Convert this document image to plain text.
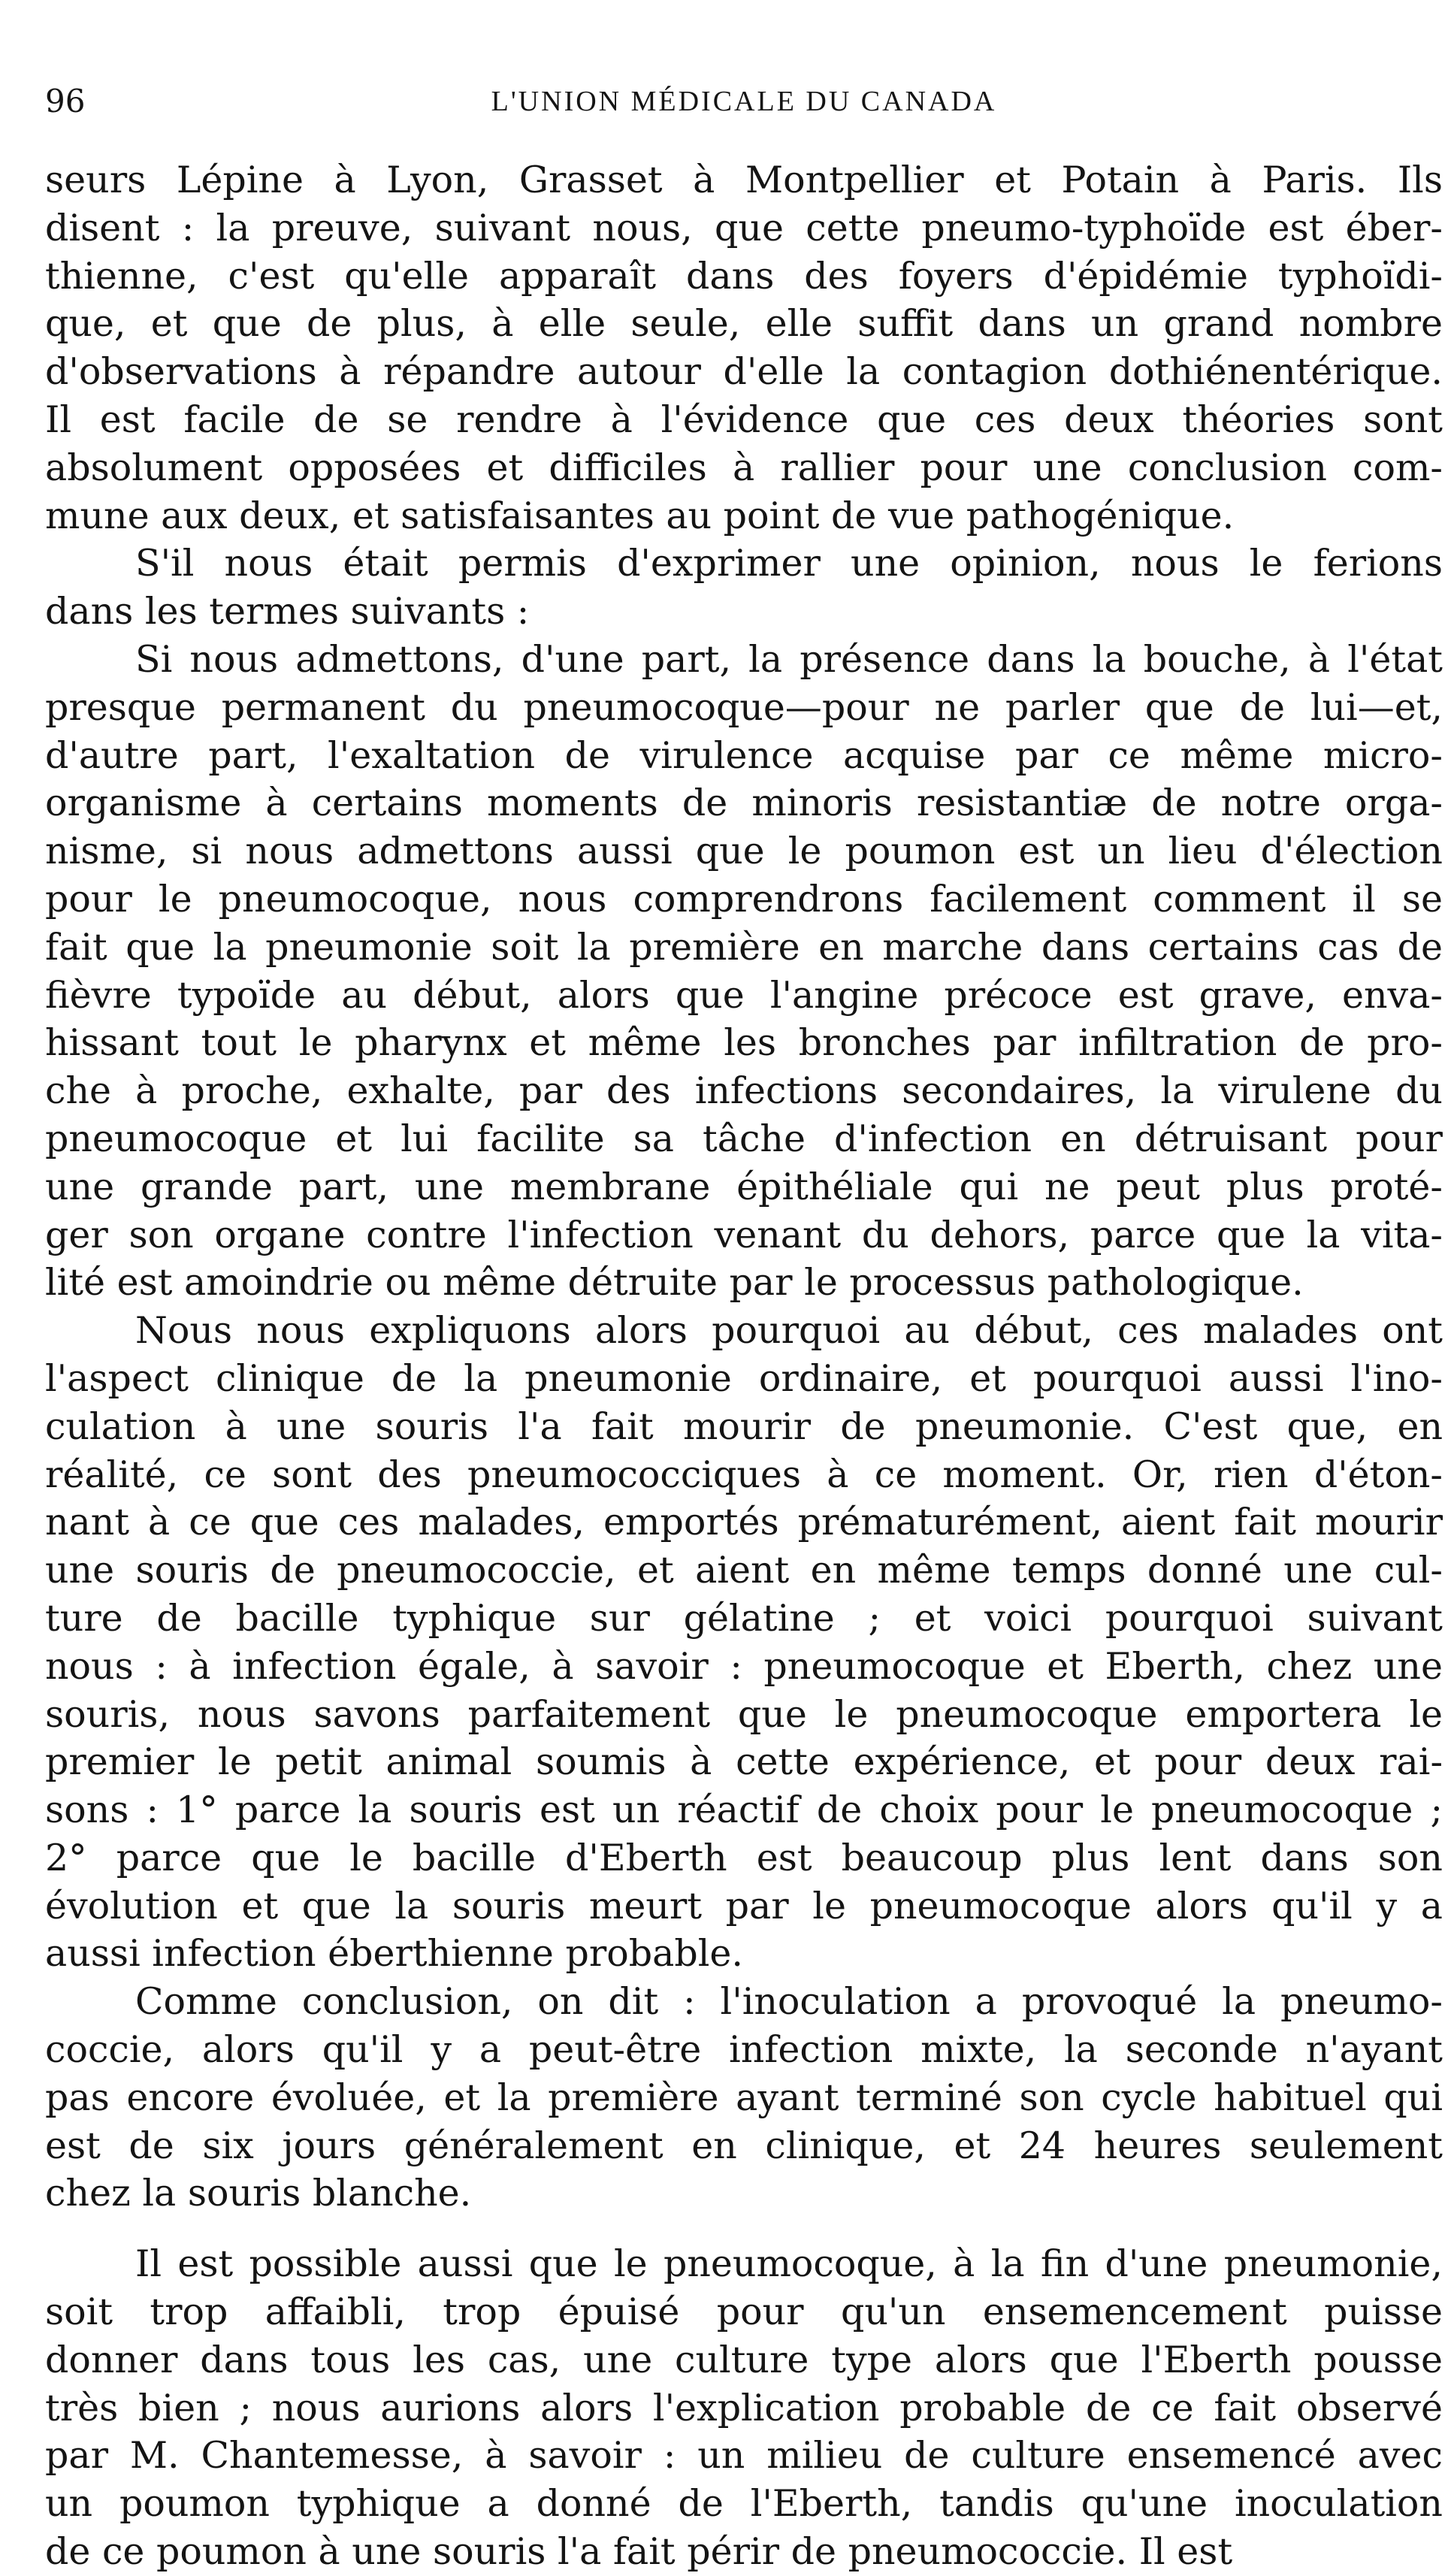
96	L'UNION MÉDICALE DU CANADA
seurs Lépine à Lyon, Grasset à Montpellier et Potain à Paris. Ils
disent : la preuve, suivant nous, que cette pneumo-typhoïde est éber-
thienne, c'est qu'elle apparaît dans des foyers d'épidémie typhoïdi-
que, et que de plus, à elle seule, elle suffit dans un grand nombre
d'observations à répandre autour d'elle la contagion dothiénentérique.
Il est facile de se rendre à l'évidence que ces deux théories sont
absolument opposées et difficiles à rallier pour une conclusion com-
mune aux deux, et satisfaisantes au point de vue pathogénique.
S'il nous était permis d'exprimer une opinion, nous le ferions
dans les termes suivants :
Si nous admettons, d'une part, la présence dans la bouche, à l'état
presque permanent du pneumocoque—pour ne parler que de lui—et,
d'autre part, l'exaltation de virulence acquise par ce même micro-
organisme à certains moments de minoris resistantiæ de notre orga-
nisme, si nous admettons aussi que le poumon est un lieu d'élection
pour le pneumocoque, nous comprendrons facilement comment il se
fait que la pneumonie soit la première en marche dans certains cas de
fièvre typoïde au début, alors que l'angine précoce est grave, enva-
hissant tout le pharynx et même les bronches par infiltration de pro-
che à proche, exhalte, par des infections secondaires, la virulene du
pneumocoque et lui facilite sa tâche d'infection en détruisant pour
une grande part, une membrane épithéliale qui ne peut plus proté-
ger son organe contre l'infection venant du dehors, parce que la vita-
lité est amoindrie ou même détruite par le processus pathologique.
Nous nous expliquons alors pourquoi au début, ces malades ont
l'aspect clinique de la pneumonie ordinaire, et pourquoi aussi l'ino-
culation à une souris l'a fait mourir de pneumonie. C'est que, en
réalité, ce sont des pneumococciques à ce moment. Or, rien d'éton-
nant à ce que ces malades, emportés prématurément, aient fait mourir
une souris de pneumococcie, et aient en même temps donné une cul-
ture de bacille typhique sur gélatine ; et voici pourquoi suivant
nous : à infection égale, à savoir : pneumocoque et Eberth, chez une
souris, nous savons parfaitement que le pneumocoque emportera le
premier le petit animal soumis à cette expérience, et pour deux rai-
sons : 1° parce la souris est un réactif de choix pour le pneumocoque ;
2° parce que le bacille d'Eberth est beaucoup plus lent dans son
évolution et que la souris meurt par le pneumocoque alors qu'il y a
aussi infection éberthienne probable.
Comme conclusion, on dit : l'inoculation a provoqué la pneumo-
coccie, alors qu'il y a peut-être infection mixte, la seconde n'ayant
pas encore évoluée, et la première ayant terminé son cycle habituel qui
est de six jours généralement en clinique, et 24 heures seulement
chez la souris blanche.
Il est possible aussi que le pneumocoque, à la fin d'une pneumonie,
soit trop affaibli, trop épuisé pour qu'un ensemencement puisse
donner dans tous les cas, une culture type alors que l'Eberth pousse
très bien ; nous aurions alors l'explication probable de ce fait observé
par M. Chantemesse, à savoir : un milieu de culture ensemencé avec
un poumon typhique a donné de l'Eberth, tandis qu'une inoculation
de ce poumon à une souris l'a fait périr de pneumococcie. Il est
